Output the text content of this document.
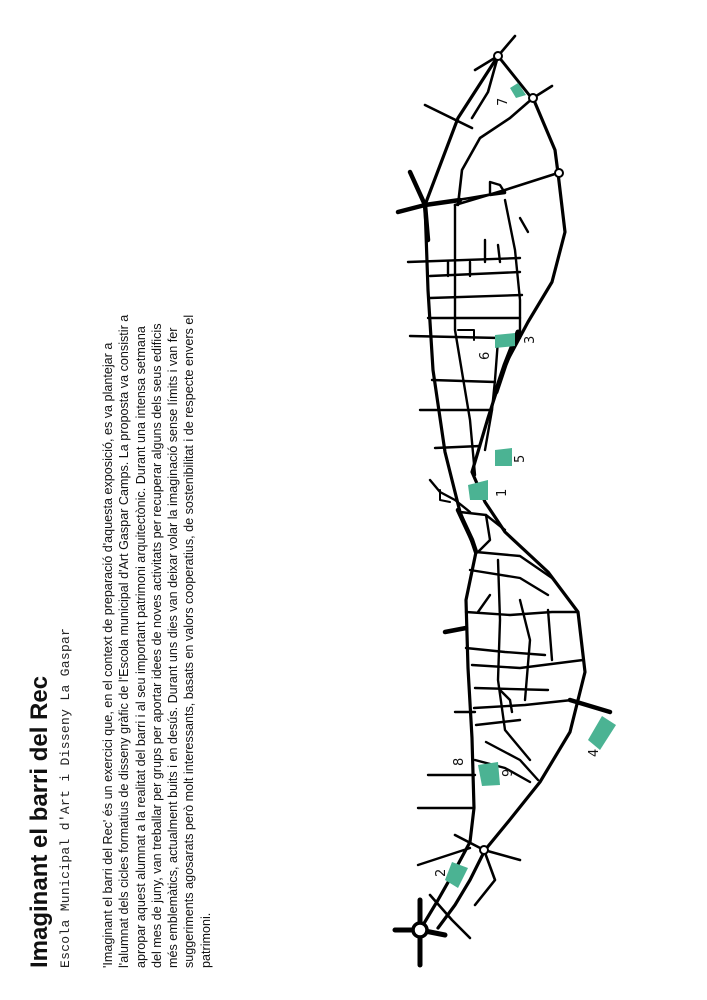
Imaginant el barri del Rec Escola Municipal d'Art i Disseny La Gaspar 'Imaginant el barri del Rec' és un exercici que, en el context de preparació d'aquesta exposició, es va plantejar a l'alumnat dels cicles formatius de disseny gràfic de l'Escola municipal d'Art Gaspar Camps. La proposta va consistir a apropar aquest alumnat a la realitat del barri i al seu important patrimoni arquitectònic. Durant una intensa setmana del mes de juny, van treballar per grups per aportar idees de noves activitats per recuperar alguns dels seus edificis més emblemàtics, actualment buits i en desús. Durant uns dies van deixar volar la imaginació sense límits i van fer suggeriments agosarats però molt interessants, basats en valors cooperatius, de sostenibilitat i de respecte envers el patrimoni.

1
2
3
4
5
6
7
8
9
